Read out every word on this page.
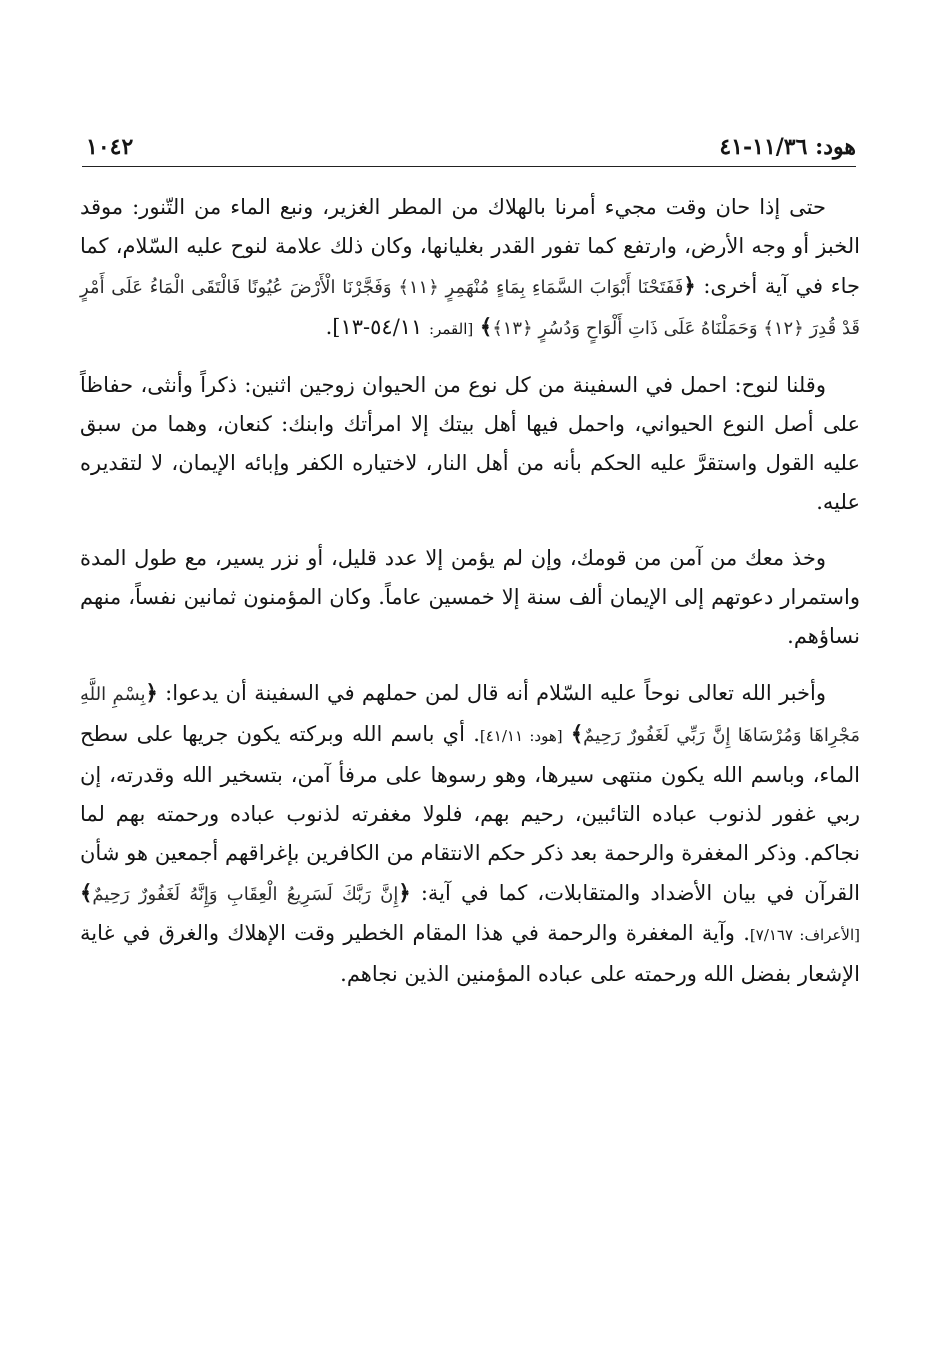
هود: ١١/٣٦-٤١
١٠٤٢

حتى إذا حان وقت مجيء أمرنا بالهلاك من المطر الغزير، ونبع الماء من التّنور: موقد الخبز أو وجه الأرض، وارتفع كما تفور القدر بغليانها، وكان ذلك علامة لنوح عليه السّلام، كما جاء في آية أخرى: ﴿فَفَتَحْنَا أَبْوَابَ السَّمَاءِ بِمَاءٍ مُنْهَمِرٍ ﴿١١﴾ وَفَجَّرْنَا الْأَرْضَ عُيُونًا فَالْتَقَى الْمَاءُ عَلَى أَمْرٍ قَدْ قُدِرَ ﴿١٢﴾ وَحَمَلْنَاهُ عَلَى ذَاتِ أَلْوَاحٍ وَدُسُرٍ ﴿١٣﴾﴾ [القمر: ٥٤/١١-١٣].

وقلنا لنوح: احمل في السفينة من كل نوع من الحيوان زوجين اثنين: ذكراً وأنثى، حفاظاً على أصل النوع الحيواني، واحمل فيها أهل بيتك إلا امرأتك وابنك: كنعان، وهما من سبق عليه القول واستقرَّ عليه الحكم بأنه من أهل النار، لاختياره الكفر وإبائه الإيمان، لا لتقديره عليه.

وخذ معك من آمن من قومك، وإن لم يؤمن إلا عدد قليل، أو نزر يسير، مع طول المدة واستمرار دعوتهم إلى الإيمان ألف سنة إلا خمسين عاماً. وكان المؤمنون ثمانين نفساً، منهم نساؤهم.

وأخبر الله تعالى نوحاً عليه السّلام أنه قال لمن حملهم في السفينة أن يدعوا: ﴿بِسْمِ اللَّهِ مَجْرِاهَا وَمُرْسَاهَا إِنَّ رَبِّي لَغَفُورٌ رَحِيمٌ﴾ [هود: ٤١/١١]. أي باسم الله وبركته يكون جريها على سطح الماء، وباسم الله يكون منتهى سيرها، وهو رسوها على مرفأ آمن، بتسخير الله وقدرته، إن ربي غفور لذنوب عباده التائبين، رحيم بهم، فلولا مغفرته لذنوب عباده ورحمته بهم لما نجاكم. وذكر المغفرة والرحمة بعد ذكر حكم الانتقام من الكافرين بإغراقهم أجمعين هو شأن القرآن في بيان الأضداد والمتقابلات، كما في آية: ﴿إِنَّ رَبَّكَ لَسَرِيعُ الْعِقَابِ وَإِنَّهُ لَغَفُورٌ رَحِيمٌ﴾ [الأعراف: ٧/١٦٧]. وآية المغفرة والرحمة في هذا المقام الخطير وقت الإهلاك والغرق في غاية الإشعار بفضل الله ورحمته على عباده المؤمنين الذين نجاهم.
